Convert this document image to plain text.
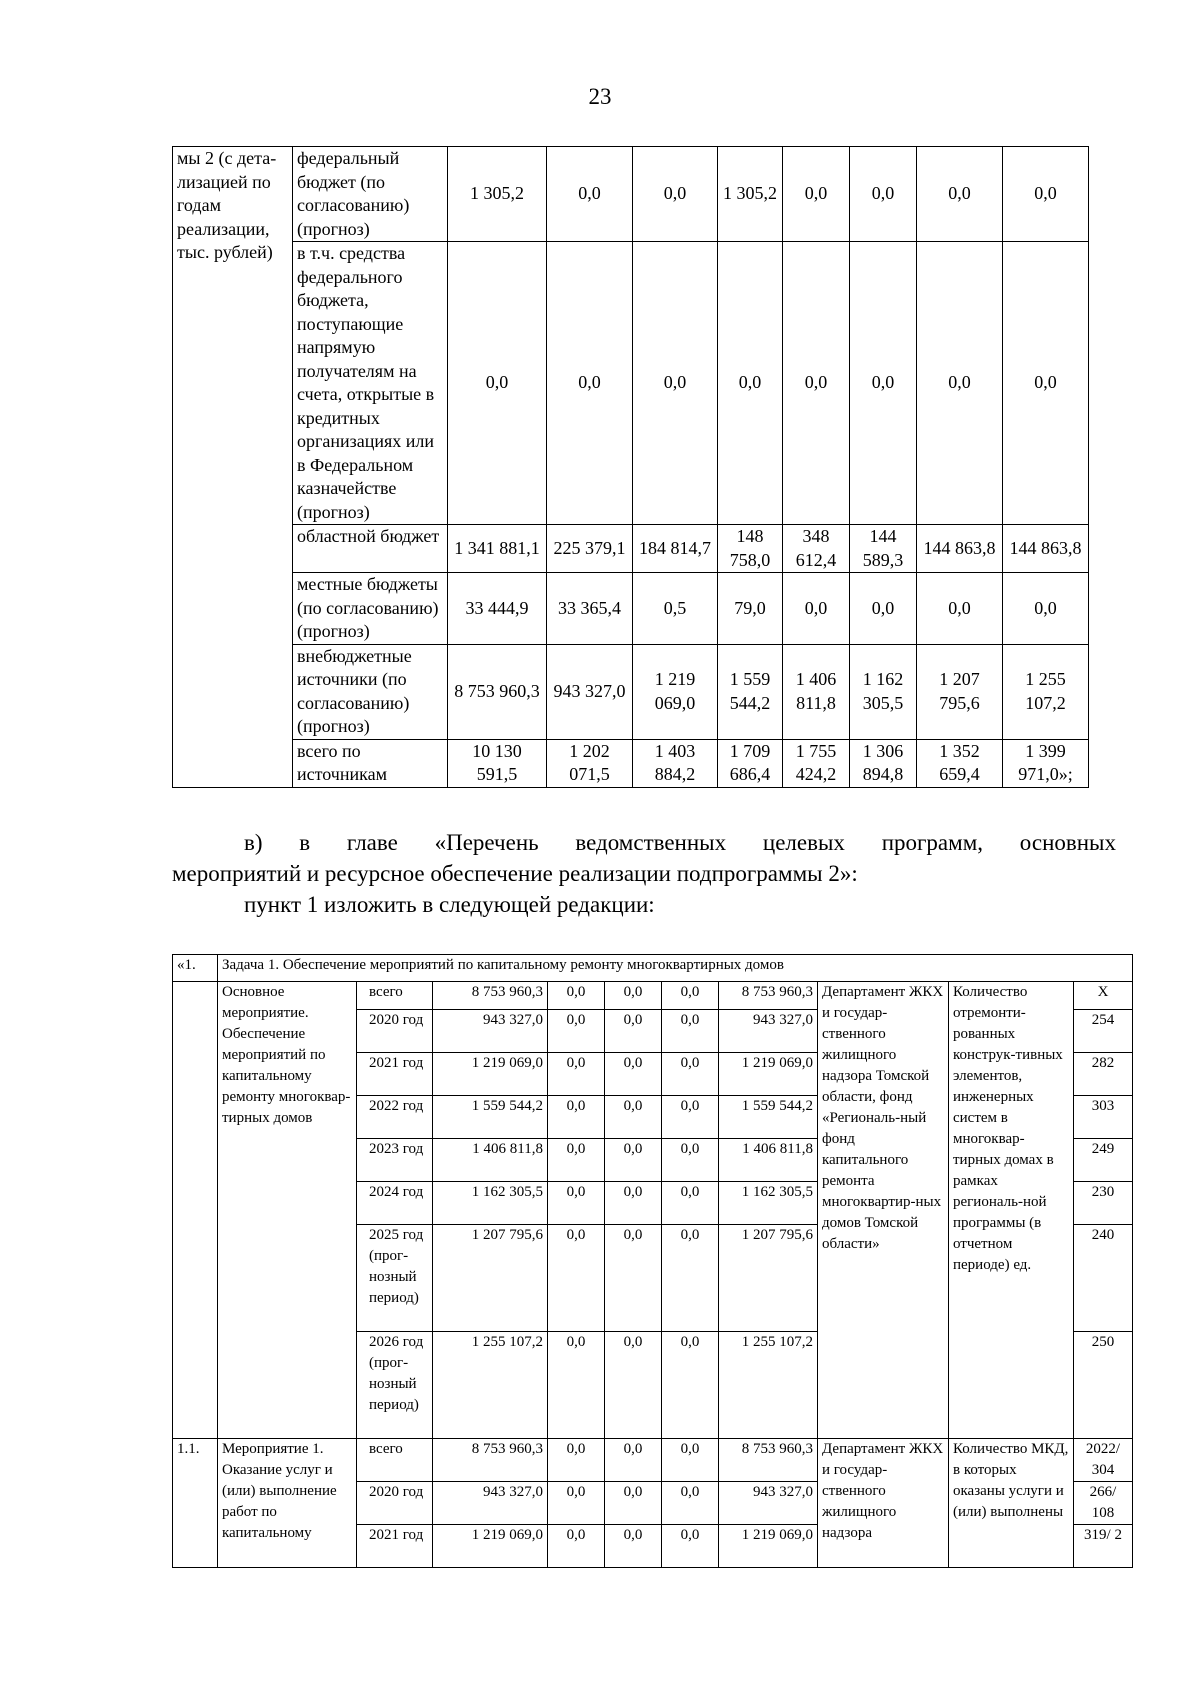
23
мы 2 (с дета-лизацией по годам реализации, тыс. рублей)	федеральный бюджет (по согласованию) (прогноз)	1 305,2	0,0	0,0	1 305,2	0,0	0,0	0,0	0,0
	в т.ч. средства федерального бюджета, поступающие напрямую получателям на счета, открытые в кредитных организациях или в Федеральном казначействе (прогноз)	0,0	0,0	0,0	0,0	0,0	0,0	0,0	0,0
	областной бюджет	1 341 881,1	225 379,1	184 814,7	148 758,0	348 612,4	144 589,3	144 863,8	144 863,8
	местные бюджеты (по согласованию) (прогноз)	33 444,9	33 365,4	0,5	79,0	0,0	0,0	0,0	0,0
	внебюджетные источники (по согласованию) (прогноз)	8 753 960,3	943 327,0	1 219 069,0	1 559 544,2	1 406 811,8	1 162 305,5	1 207 795,6	1 255 107,2
	всего по источникам	10 130 591,5	1 202 071,5	1 403 884,2	1 709 686,4	1 755 424,2	1 306 894,8	1 352 659,4	1 399 971,0»;
в) в главе «Перечень ведомственных целевых программ, основных
мероприятий и ресурсное обеспечение реализации подпрограммы 2»:
пункт 1 изложить в следующей редакции:
«1.	Задача 1. Обеспечение мероприятий по капитальному ремонту многоквартирных домов									
	Основное мероприятие. Обеспечение мероприятий по капитальному ремонту многоквар-тирных домов	всего	8 753 960,3	0,0	0,0	0,0	8 753 960,3	Департамент ЖКХ и государ-ственного жилищного надзора Томской области, фонд «Региональ-ный фонд капитального ремонта многоквартир-ных домов Томской области»	Количество отремонти-рованных конструк-тивных элементов, инженерных систем в многоквар-тирных домах в рамках региональ-ной программы (в отчетном периоде) ед.	X
		2020 год	943 327,0	0,0	0,0	0,0	943 327,0			254
		2021 год	1 219 069,0	0,0	0,0	0,0	1 219 069,0			282
		2022 год	1 559 544,2	0,0	0,0	0,0	1 559 544,2			303
		2023 год	1 406 811,8	0,0	0,0	0,0	1 406 811,8			249
		2024 год	1 162 305,5	0,0	0,0	0,0	1 162 305,5			230
		2025 год (прог-нозный период)	1 207 795,6	0,0	0,0	0,0	1 207 795,6			240
		2026 год (прог-нозный период)	1 255 107,2	0,0	0,0	0,0	1 255 107,2			250
1.1.	Мероприятие 1. Оказание услуг и (или) выполнение работ по капитальному	всего	8 753 960,3	0,0	0,0	0,0	8 753 960,3	Департамент ЖКХ и государ-ственного жилищного надзора	Количество МКД, в которых оказаны услуги и (или) выполнены	2022/ 304
		2020 год	943 327,0	0,0	0,0	0,0	943 327,0			266/ 108
		2021 год	1 219 069,0	0,0	0,0	0,0	1 219 069,0			319/ 2
